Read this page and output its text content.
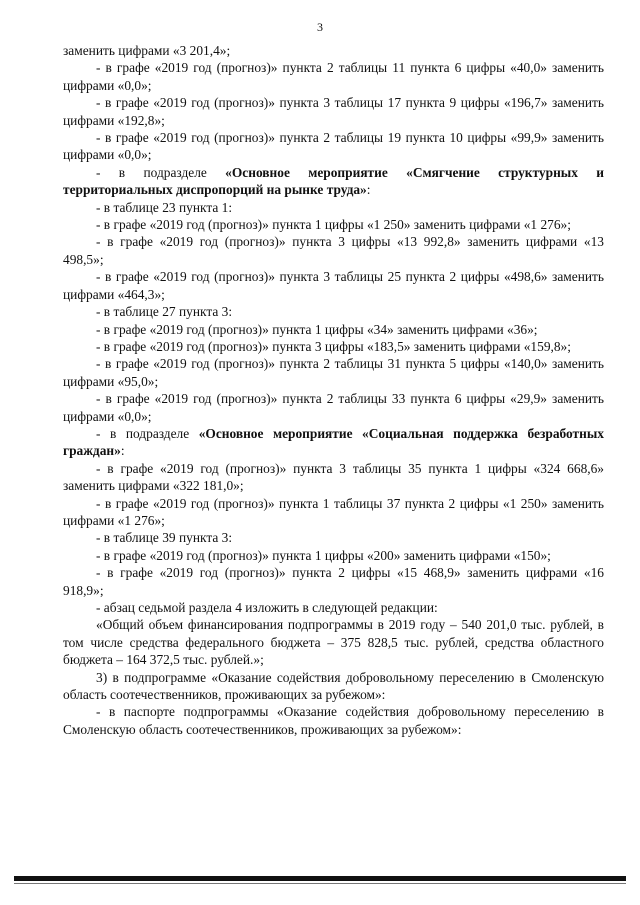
3

заменить цифрами «3 201,4»;

- в графе «2019 год (прогноз)» пункта 2 таблицы 11 пункта 6 цифры «40,0» заменить цифрами «0,0»;

- в графе «2019 год (прогноз)» пункта 3 таблицы 17 пункта 9 цифры «196,7» заменить цифрами «192,8»;

- в графе «2019 год (прогноз)» пункта 2 таблицы 19 пункта 10 цифры «99,9» заменить цифрами «0,0»;

- в подразделе «Основное мероприятие «Смягчение структурных и территориальных диспропорций на рынке труда»:

- в таблице 23 пункта 1:

- в графе «2019 год (прогноз)» пункта 1 цифры «1 250» заменить цифрами «1 276»;

- в графе «2019 год (прогноз)» пункта 3 цифры «13 992,8» заменить цифрами «13 498,5»;

- в графе «2019 год (прогноз)» пункта 3 таблицы 25 пункта 2 цифры «498,6» заменить цифрами «464,3»;

- в таблице 27 пункта 3:

- в графе «2019 год (прогноз)» пункта 1 цифры «34» заменить цифрами «36»;

- в графе «2019 год (прогноз)» пункта 3 цифры «183,5» заменить цифрами «159,8»;

- в графе «2019 год (прогноз)» пункта 2 таблицы 31 пункта 5 цифры «140,0» заменить цифрами «95,0»;

- в графе «2019 год (прогноз)» пункта 2 таблицы 33 пункта 6 цифры «29,9» заменить цифрами «0,0»;

- в подразделе «Основное мероприятие «Социальная поддержка безработных граждан»:

- в графе «2019 год (прогноз)» пункта 3 таблицы 35 пункта 1 цифры «324 668,6» заменить цифрами «322 181,0»;

- в графе «2019 год (прогноз)» пункта 1 таблицы 37 пункта 2 цифры «1 250» заменить цифрами «1 276»;

- в таблице 39 пункта 3:

- в графе «2019 год (прогноз)» пункта 1 цифры «200» заменить цифрами «150»;

- в графе «2019 год (прогноз)» пункта 2 цифры «15 468,9» заменить цифрами «16 918,9»;

- абзац седьмой раздела 4 изложить в следующей редакции:

«Общий объем финансирования подпрограммы в 2019 году – 540 201,0 тыс. рублей, в том числе средства федерального бюджета – 375 828,5 тыс. рублей, средства областного бюджета – 164 372,5 тыс. рублей.»;

3) в подпрограмме «Оказание содействия добровольному переселению в Смоленскую область соотечественников, проживающих за рубежом»:

- в паспорте подпрограммы «Оказание содействия добровольному переселению в Смоленскую область соотечественников, проживающих за рубежом»:
